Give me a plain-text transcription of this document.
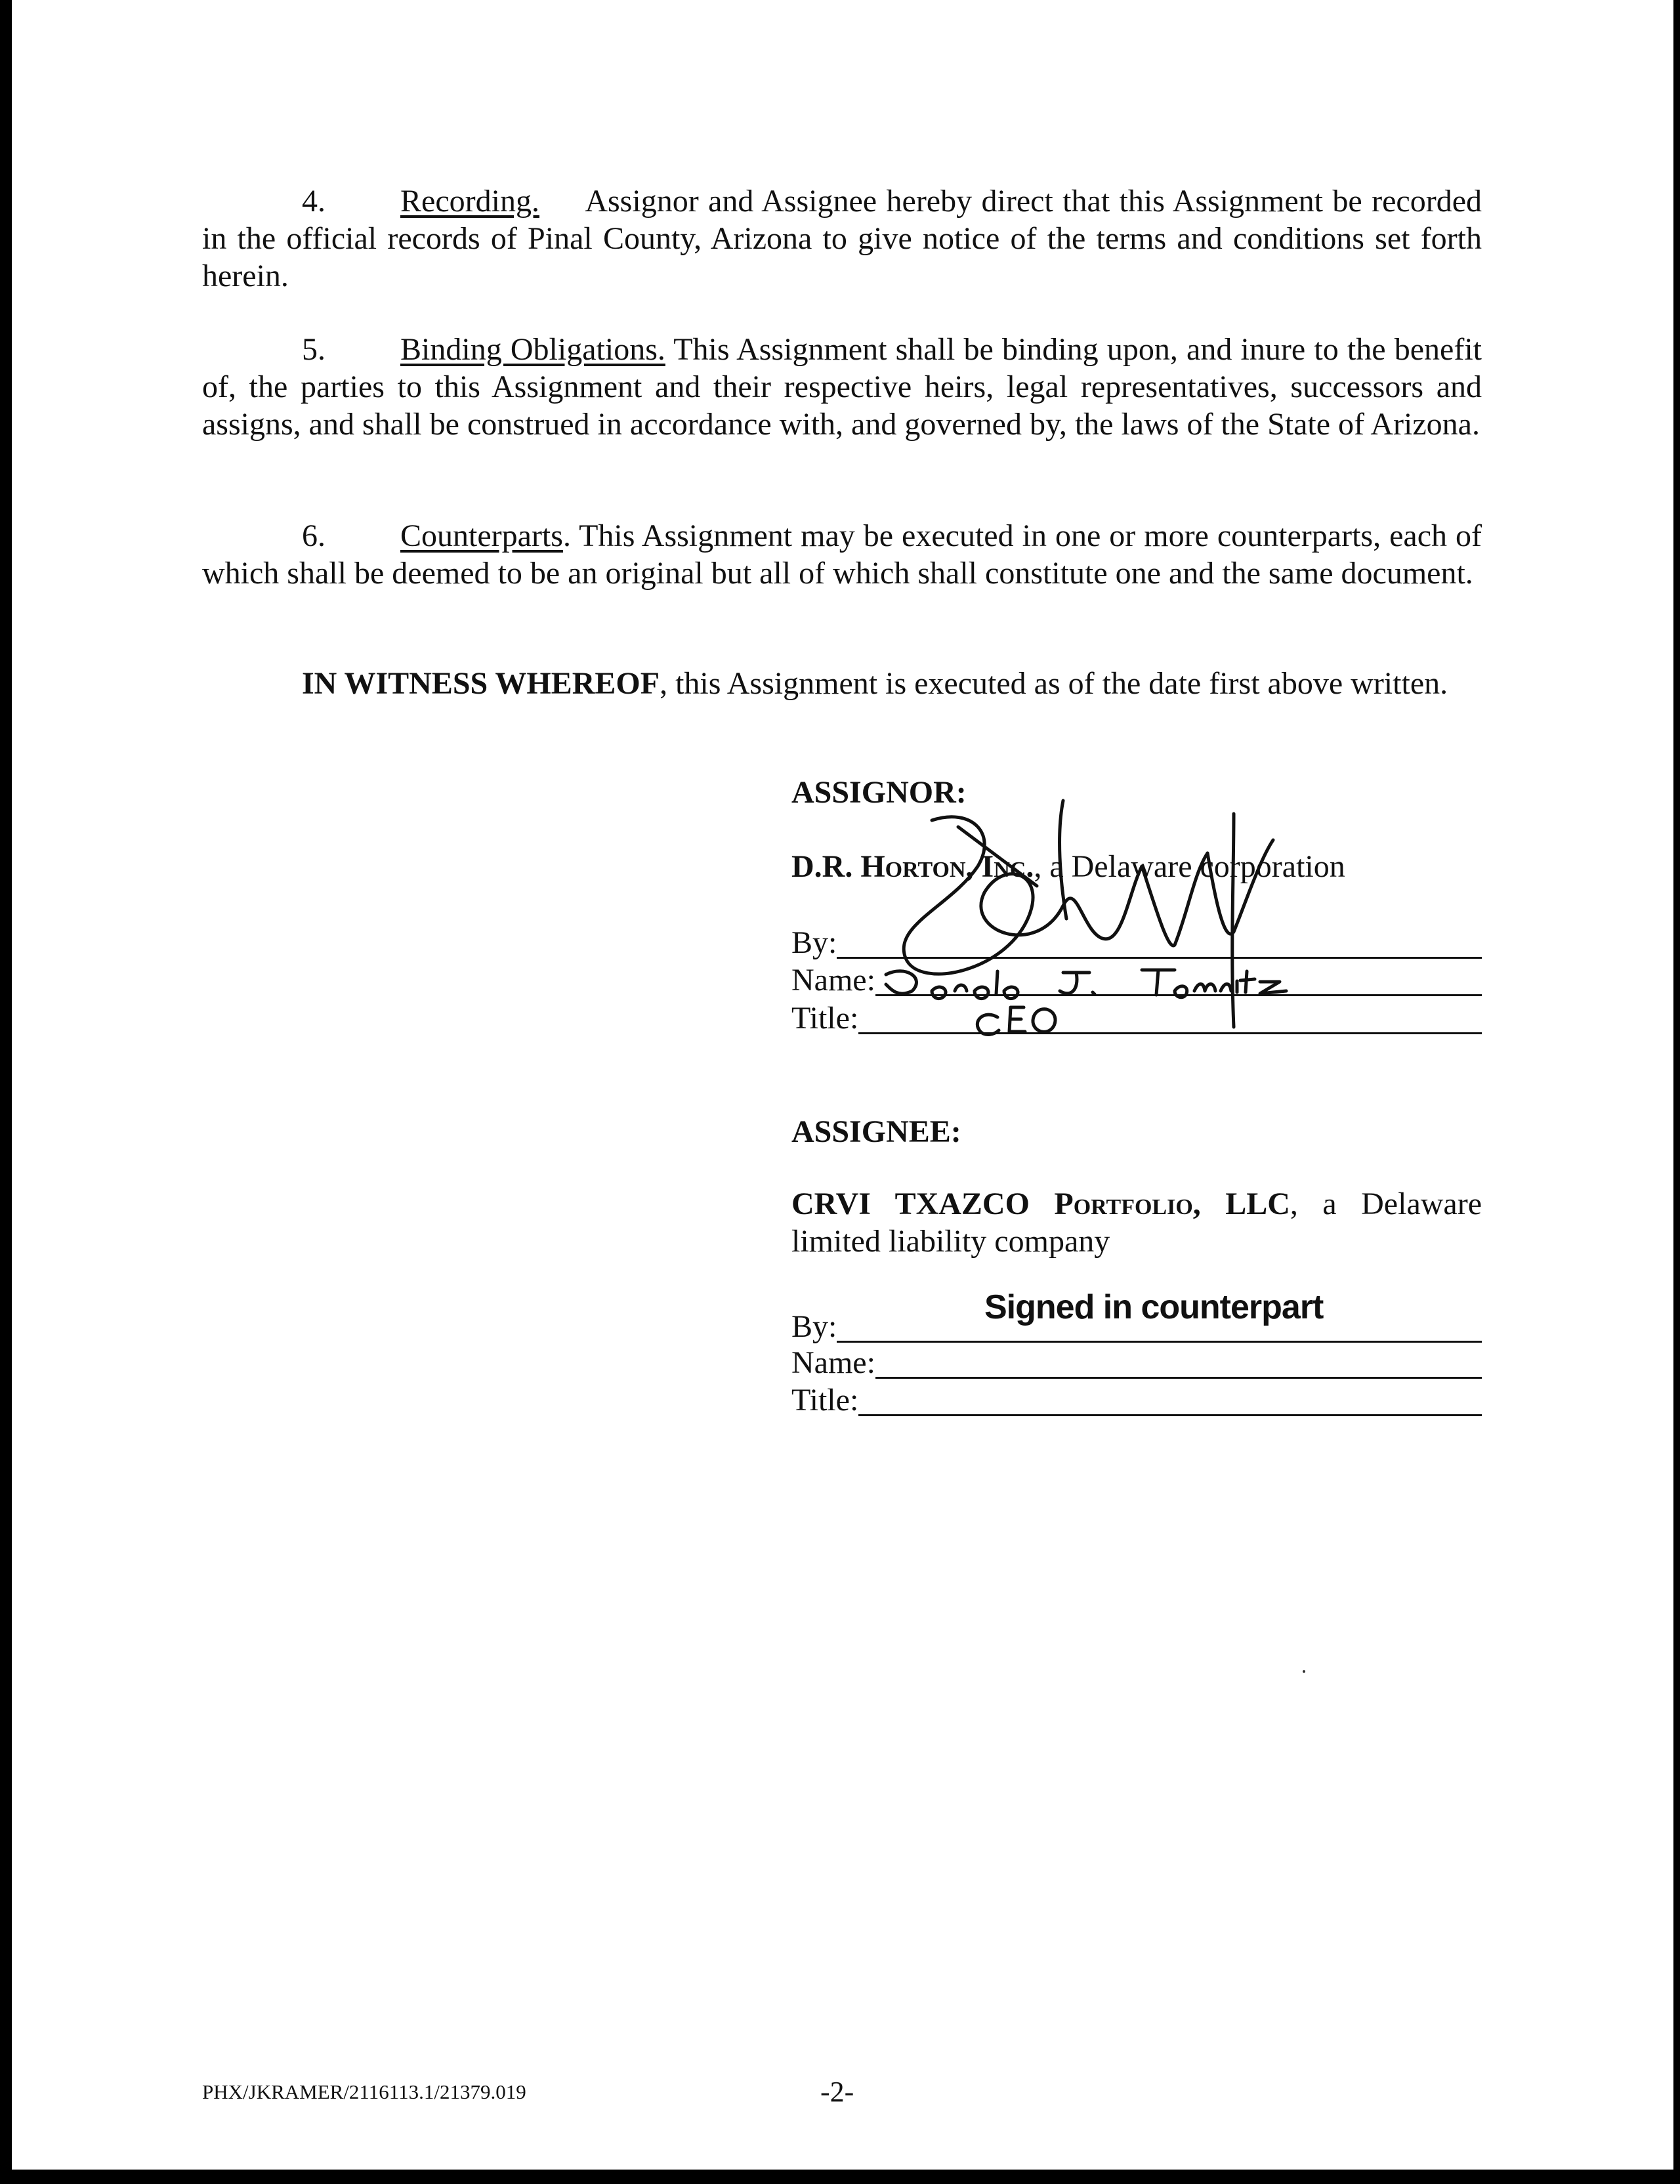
4. Recording. Assignor and Assignee hereby direct that this Assignment be recorded in the official records of Pinal County, Arizona to give notice of the terms and conditions set forth herein.
5. Binding Obligations. This Assignment shall be binding upon, and inure to the benefit of, the parties to this Assignment and their respective heirs, legal representatives, successors and assigns, and shall be construed in accordance with, and governed by, the laws of the State of Arizona.
6. Counterparts. This Assignment may be executed in one or more counterparts, each of which shall be deemed to be an original but all of which shall constitute one and the same document.
IN WITNESS WHEREOF, this Assignment is executed as of the date first above written.
ASSIGNOR:
D.R. Horton, Inc., a Delaware corporation
By:
Name:
Title:
ASSIGNEE:
CRVI TXAZCO Portfolio, LLC, a Delaware limited liability company
Signed in counterpart
By:
Name:
Title:
PHX/JKRAMER/2116113.1/21379.019	-2-
